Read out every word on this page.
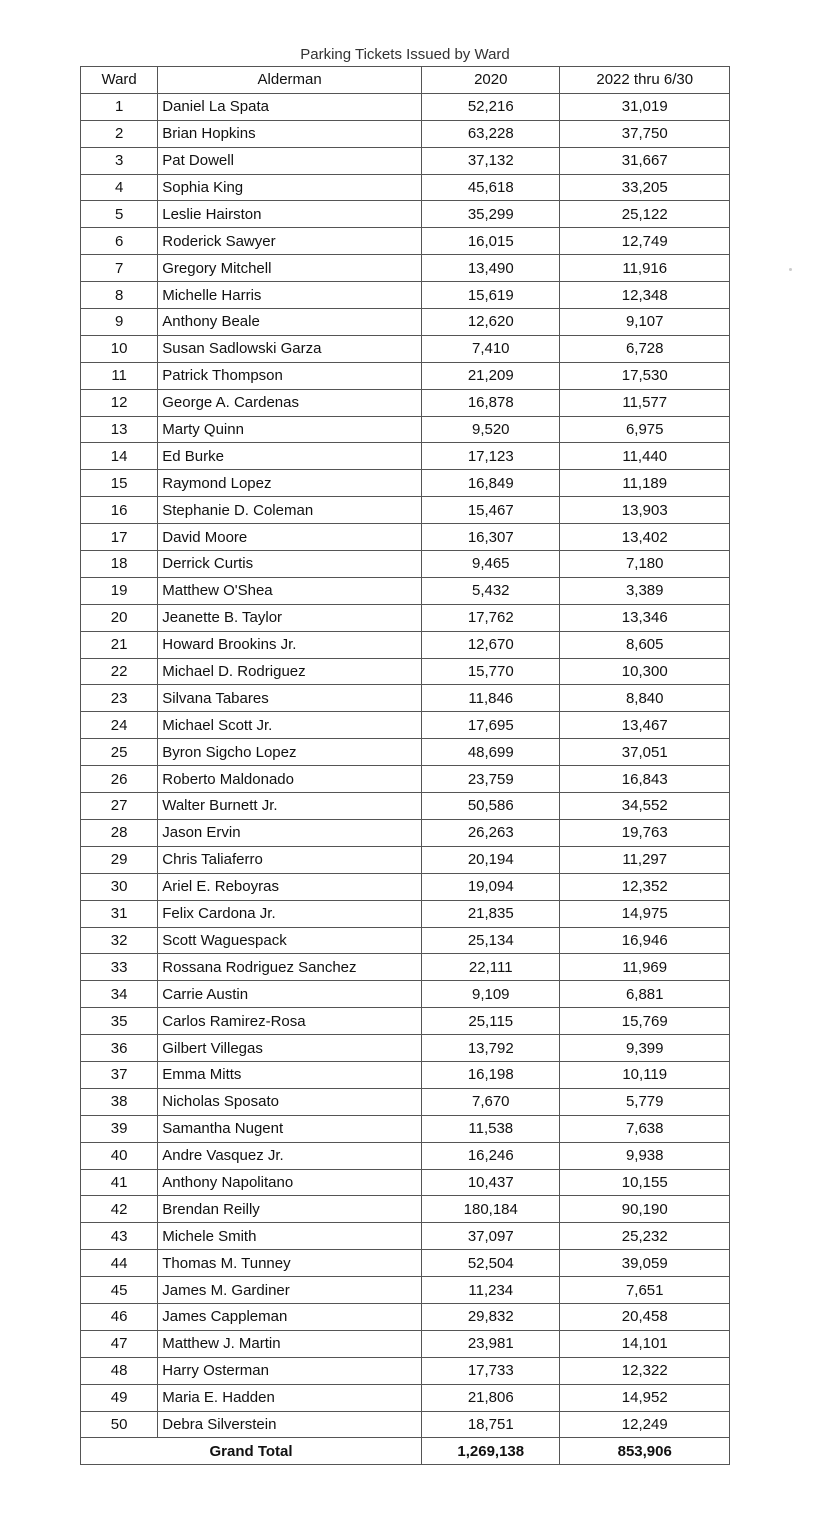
Parking Tickets Issued by Ward
Ward	Alderman	2020	2022 thru 6/30
1	Daniel La Spata	52,216	31,019
2	Brian Hopkins	63,228	37,750
3	Pat Dowell	37,132	31,667
4	Sophia King	45,618	33,205
5	Leslie Hairston	35,299	25,122
6	Roderick Sawyer	16,015	12,749
7	Gregory Mitchell	13,490	11,916
8	Michelle Harris	15,619	12,348
9	Anthony Beale	12,620	9,107
10	Susan Sadlowski Garza	7,410	6,728
11	Patrick Thompson	21,209	17,530
12	George A. Cardenas	16,878	11,577
13	Marty Quinn	9,520	6,975
14	Ed Burke	17,123	11,440
15	Raymond Lopez	16,849	11,189
16	Stephanie D. Coleman	15,467	13,903
17	David Moore	16,307	13,402
18	Derrick Curtis	9,465	7,180
19	Matthew O'Shea	5,432	3,389
20	Jeanette B. Taylor	17,762	13,346
21	Howard Brookins Jr.	12,670	8,605
22	Michael D. Rodriguez	15,770	10,300
23	Silvana Tabares	11,846	8,840
24	Michael Scott Jr.	17,695	13,467
25	Byron Sigcho Lopez	48,699	37,051
26	Roberto Maldonado	23,759	16,843
27	Walter Burnett Jr.	50,586	34,552
28	Jason Ervin	26,263	19,763
29	Chris Taliaferro	20,194	11,297
30	Ariel E. Reboyras	19,094	12,352
31	Felix Cardona Jr.	21,835	14,975
32	Scott Waguespack	25,134	16,946
33	Rossana Rodriguez Sanchez	22,111	11,969
34	Carrie Austin	9,109	6,881
35	Carlos Ramirez-Rosa	25,115	15,769
36	Gilbert Villegas	13,792	9,399
37	Emma Mitts	16,198	10,119
38	Nicholas Sposato	7,670	5,779
39	Samantha Nugent	11,538	7,638
40	Andre Vasquez Jr.	16,246	9,938
41	Anthony Napolitano	10,437	10,155
42	Brendan Reilly	180,184	90,190
43	Michele Smith	37,097	25,232
44	Thomas M. Tunney	52,504	39,059
45	James M. Gardiner	11,234	7,651
46	James Cappleman	29,832	20,458
47	Matthew J. Martin	23,981	14,101
48	Harry Osterman	17,733	12,322
49	Maria E. Hadden	21,806	14,952
50	Debra Silverstein	18,751	12,249
Grand Total		1,269,138	853,906
